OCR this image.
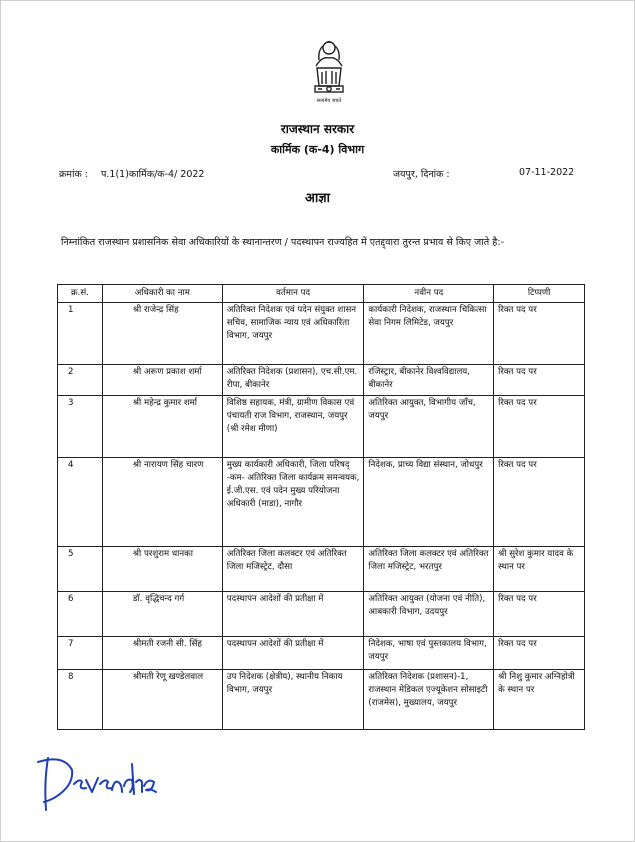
सत्यमेव जयते
राजस्थान सरकार
कार्मिक (क-4) विभाग
क्रमांक : प.1(1)कार्मिक/क-4/ 2022	जयपुर, दिनांक :	07-11-2022
आज्ञा
निम्नांकित राजस्थान प्रशासनिक सेवा अधिकारियों के स्थानान्तरण / पदस्थापन राज्यहित में एतद्द्वारा तुरन्त प्रभाव से किए जाते है:-
क्र.सं.	अधिकारी का नाम	वर्तमान पद	नवीन पद	टिप्पणी
1	श्री राजेन्द्र सिंह	अतिरिक्त निदेशक एवं पदेन संयुक्त शासन सचिव, सामाजिक न्याय एवं अधिकारिता विभाग, जयपुर	कार्यकारी निदेशक, राजस्थान चिकित्सा सेवा निगम लिमिटेड, जयपुर	रिक्त पद पर
2	श्री अरूण प्रकाश शर्मा	अतिरिक्त निदेशक (प्रशासन), एच.सी.एम. रीपा, बीकानेर	रजिस्ट्रार, बीकानेर विश्वविद्यालय, बीकानेर	रिक्त पद पर
3	श्री महेन्द्र कुमार शर्मा	विशिष्ठ सहायक, मंत्री, ग्रामीण विकास एवं पंचायती राज विभाग, राजस्थान, जयपुर (श्री रमेश मीणा)	अतिरिक्त आयुक्त, विभागीय जाँच, जयपुर	रिक्त पद पर
4	श्री नारायण सिंह चारण	मुख्य कार्यकारी अधिकारी, जिला परिषद् -कम- अतिरिक्त जिला कार्यक्रम समन्वयक, ई.जी.एस. एवं पदेन मुख्य परियोजना अधिकारी (माडा), नागौर	निदेशक, प्राच्य विद्या संस्थान, जोधपुर	रिक्त पद पर
5	श्री परशुराम धानका	अतिरिक्त जिला कलक्टर एवं अतिरिक्त जिला मजिस्ट्रेट, दौसा	अतिरिक्त जिला कलक्टर एवं अतिरिक्त जिला मजिस्ट्रेट, भरतपुर	श्री सुरेश कुमार यादव के स्थान पर
6	डॉ. वृद्धिचन्द गर्ग	पदस्थापन आदेशों की प्रतीक्षा में	अतिरिक्त आयुक्त (योजना एवं नीति), आबकारी विभाग, उदयपुर	रिक्त पद पर
7	श्रीमती रजनी सी. सिंह	पदस्थापन आदेशों की प्रतीक्षा में	निदेशक, भाषा एवं पुस्तकालय विभाग, जयपुर	रिक्त पद पर
8	श्रीमती रेणू खण्डेलवाल	उप निदेशक (क्षेत्रीय), स्थानीय निकाय विभाग, जयपुर	अतिरिक्त निदेशक (प्रशासन)-1, राजस्थान मेडिकल एज्यूकेशन सोसाइटी (राजमेस), मुख्यालय, जयपुर	श्री निशु कुमार अग्निहोत्री के स्थान पर
